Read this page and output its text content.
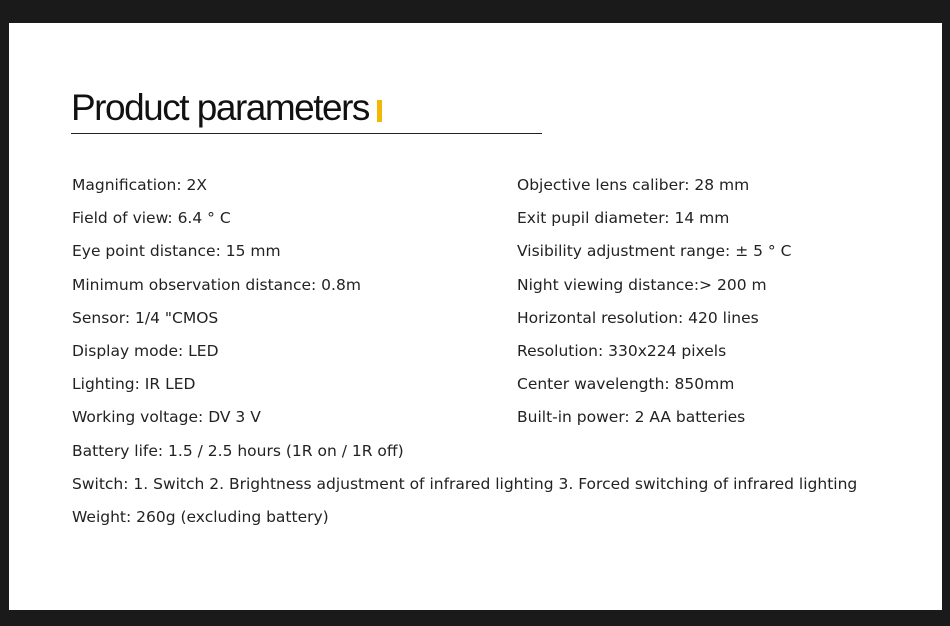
Product parameters
Magnification: 2X	Objective lens caliber: 28 mm
Field of view: 6.4 ° C	Exit pupil diameter: 14 mm
Eye point distance: 15 mm	Visibility adjustment range: ± 5 ° C
Minimum observation distance: 0.8m	Night viewing distance:> 200 m
Sensor: 1/4 "CMOS	Horizontal resolution: 420 lines
Display mode: LED	Resolution: 330x224 pixels
Lighting: IR LED	Center wavelength: 850mm
Working voltage: DV 3 V	Built-in power: 2 AA batteries
Battery life: 1.5 / 2.5 hours (1R on / 1R off)
Switch: 1. Switch 2. Brightness adjustment of infrared lighting 3. Forced switching of infrared lighting
Weight: 260g (excluding battery)
